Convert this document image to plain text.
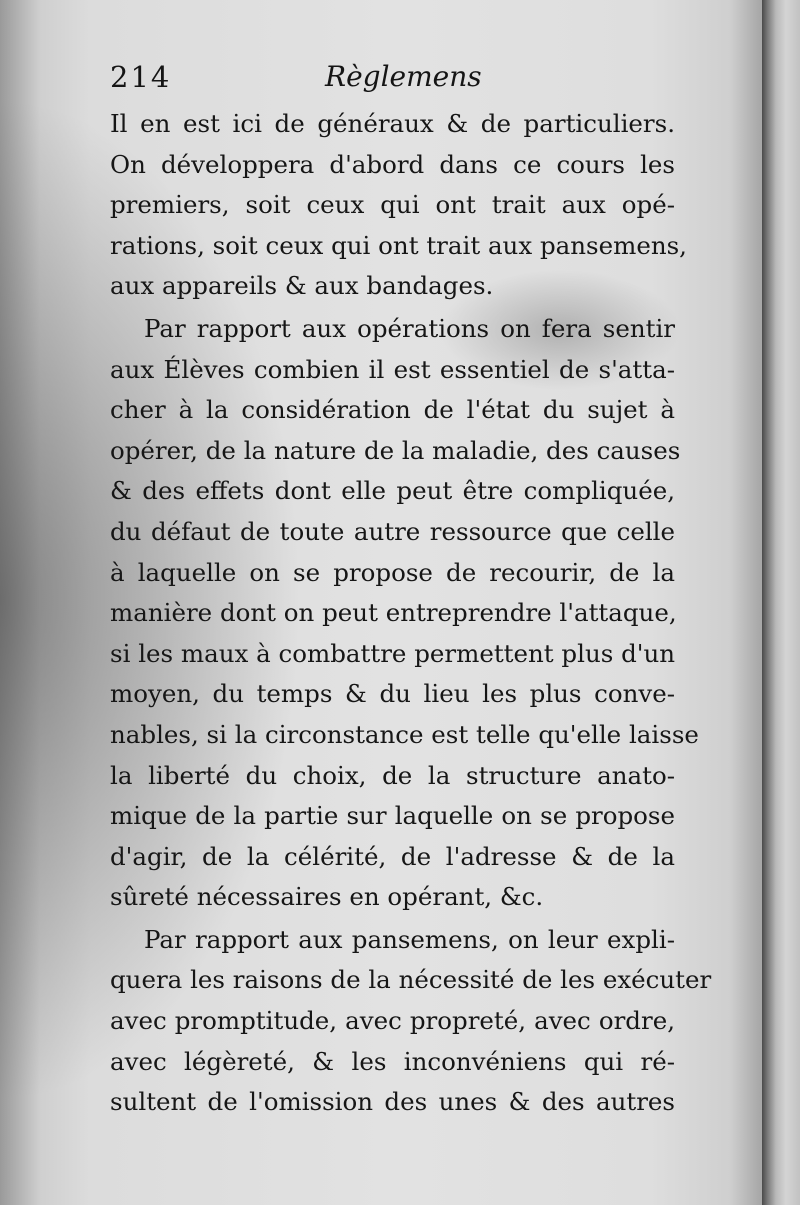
214	Règlemens
Il en est ici de généraux & de particuliers.
On développera d'abord dans ce cours les
premiers, soit ceux qui ont trait aux opé-
rations, soit ceux qui ont trait aux pansemens,
aux appareils & aux bandages.
Par rapport aux opérations on fera sentir
aux Élèves combien il est essentiel de s'atta-
cher à la considération de l'état du sujet à
opérer, de la nature de la maladie, des causes
& des effets dont elle peut être compliquée,
du défaut de toute autre ressource que celle
à laquelle on se propose de recourir, de la
manière dont on peut entreprendre l'attaque,
si les maux à combattre permettent plus d'un
moyen, du temps & du lieu les plus conve-
nables, si la circonstance est telle qu'elle laisse
la liberté du choix, de la structure anato-
mique de la partie sur laquelle on se propose
d'agir, de la célérité, de l'adresse & de la
sûreté nécessaires en opérant, &c.
Par rapport aux pansemens, on leur expli-
quera les raisons de la nécessité de les exécuter
avec promptitude, avec propreté, avec ordre,
avec légèreté, & les inconvéniens qui ré-
sultent de l'omission des unes & des autres
